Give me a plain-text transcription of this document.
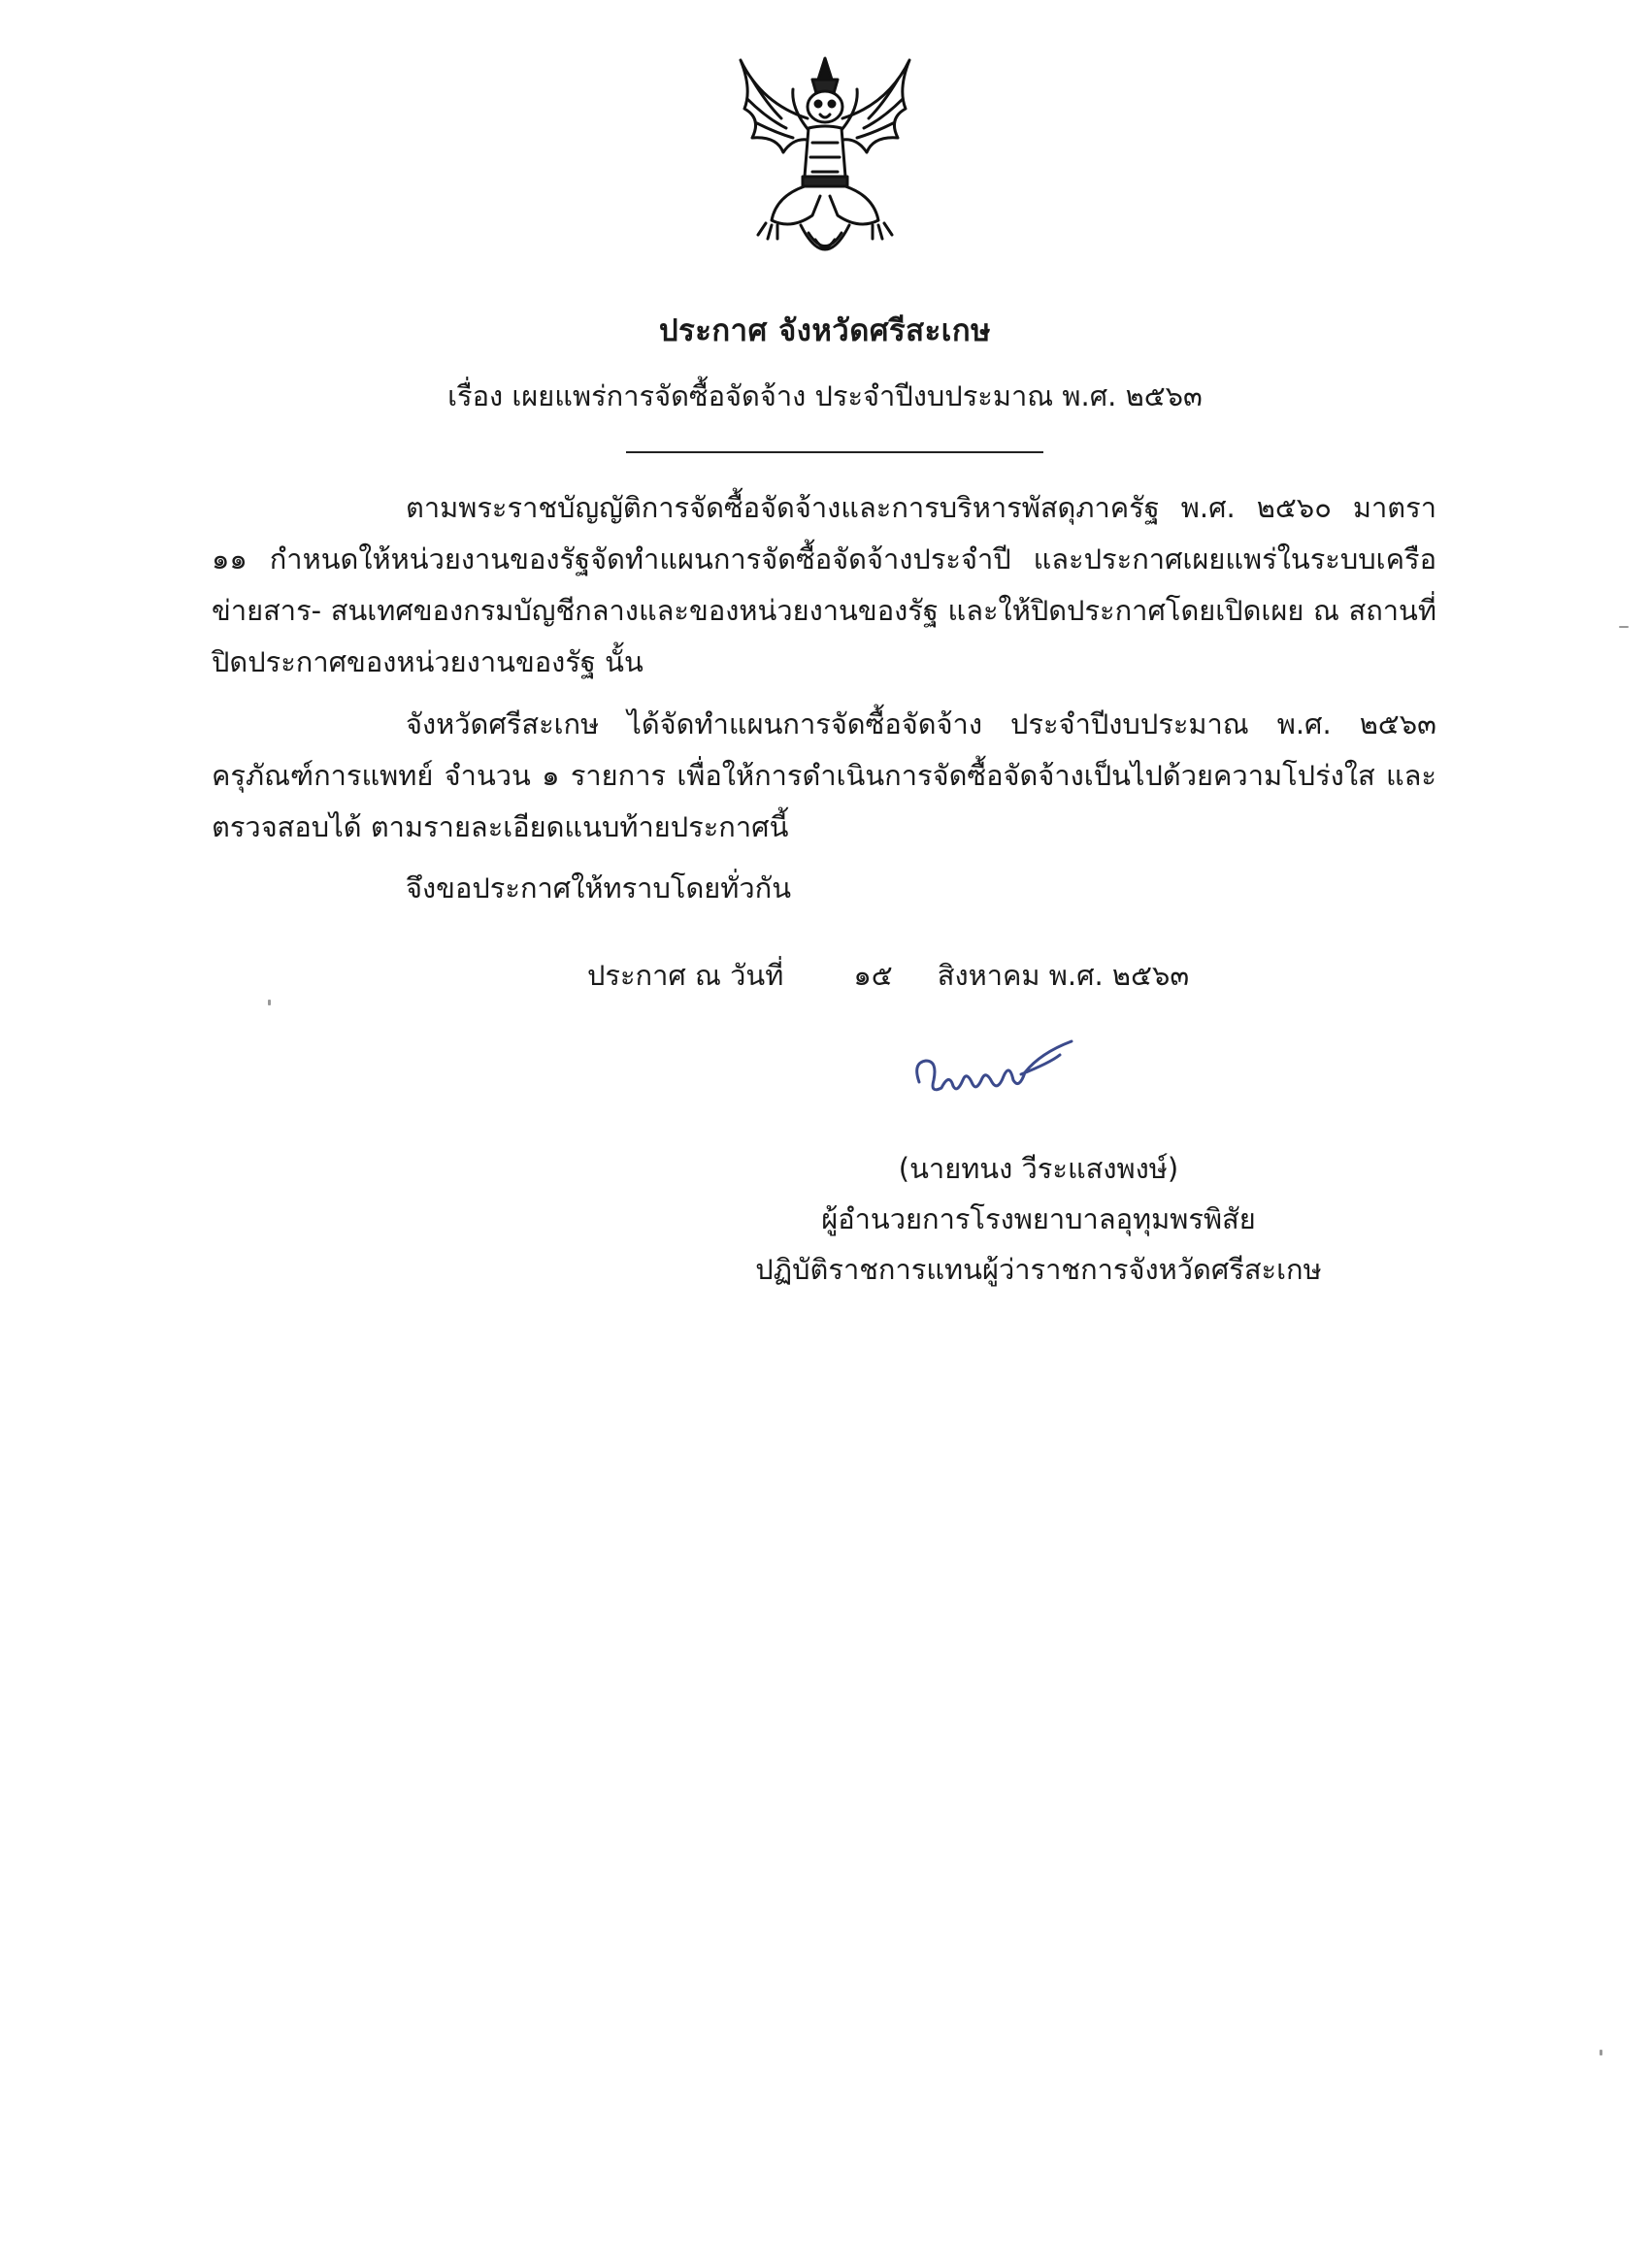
ประกาศ จังหวัดศรีสะเกษ
เรื่อง เผยแพร่การจัดซื้อจัดจ้าง ประจำปีงบประมาณ พ.ศ. ๒๕๖๓

ตามพระราชบัญญัติการจัดซื้อจัดจ้างและการบริหารพัสดุภาครัฐ พ.ศ. ๒๕๖๐ มาตรา ๑๑ กำหนดให้หน่วยงานของรัฐจัดทำแผนการจัดซื้อจัดจ้างประจำปี และประกาศเผยแพร่ในระบบเครือข่ายสาร- สนเทศของกรมบัญชีกลางและของหน่วยงานของรัฐ และให้ปิดประกาศโดยเปิดเผย ณ สถานที่ปิดประกาศของหน่วยงานของรัฐ นั้น

จังหวัดศรีสะเกษ ได้จัดทำแผนการจัดซื้อจัดจ้าง ประจำปีงบประมาณ พ.ศ. ๒๕๖๓ ครุภัณฑ์การแพทย์ จำนวน ๑ รายการ เพื่อให้การดำเนินการจัดซื้อจัดจ้างเป็นไปด้วยความโปร่งใส และตรวจสอบได้ ตามรายละเอียดแนบท้ายประกาศนี้

จึงขอประกาศให้ทราบโดยทั่วกัน

ประกาศ ณ วันที่ ๑๕ สิงหาคม พ.ศ. ๒๕๖๓
(นายทนง วีระแสงพงษ์)
ผู้อำนวยการโรงพยาบาลอุทุมพรพิสัย
ปฏิบัติราชการแทนผู้ว่าราชการจังหวัดศรีสะเกษ
